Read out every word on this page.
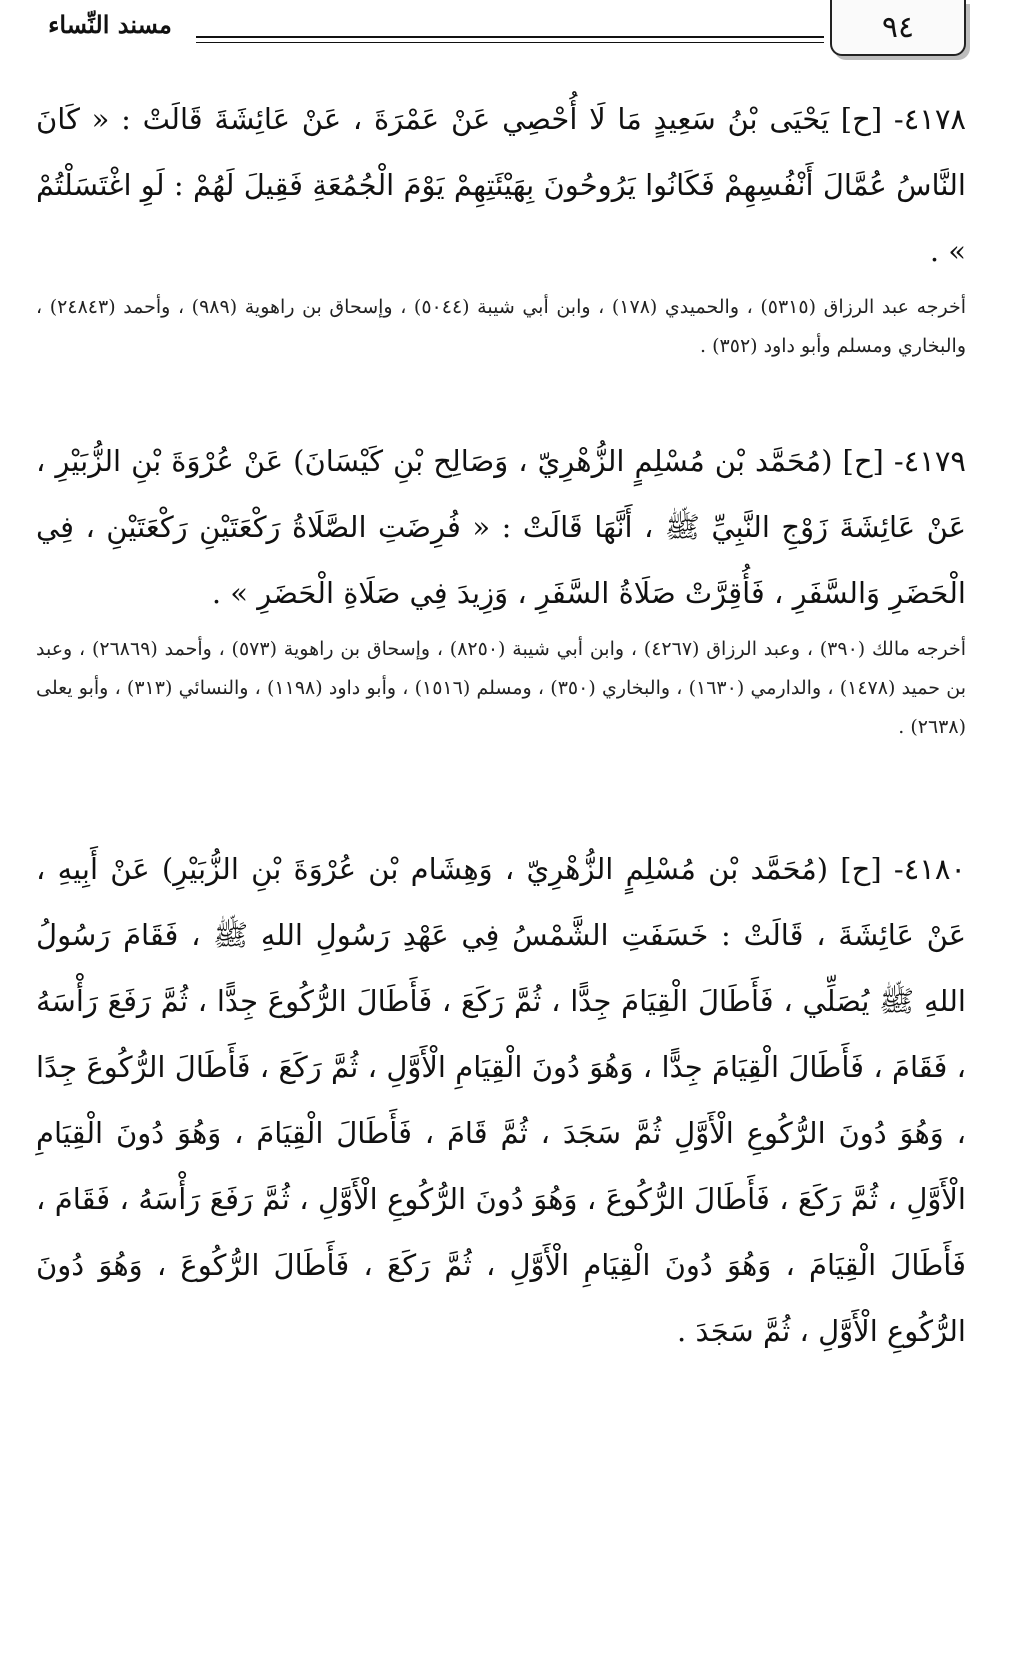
٩٤
مسند النِّساء

٤١٧٨- [ح] يَحْيَى بْنُ سَعِيدٍ مَا لَا أُحْصِي عَنْ عَمْرَةَ ، عَنْ عَائِشَةَ قَالَتْ : « كَانَ النَّاسُ عُمَّالَ أَنْفُسِهِمْ فَكَانُوا يَرُوحُونَ بِهَيْئَتِهِمْ يَوْمَ الْجُمُعَةِ فَقِيلَ لَهُمْ : لَوِ اغْتَسَلْتُمْ » .

أخرجه عبد الرزاق (٥٣١٥) ، والحميدي (١٧٨) ، وابن أبي شيبة (٥٠٤٤) ، وإسحاق بن راهوية (٩٨٩) ، وأحمد (٢٤٨٤٣) ، والبخاري ومسلم وأبو داود (٣٥٢) .

٤١٧٩- [ح] (مُحَمَّد بْن مُسْلِمٍ الزُّهْرِيّ ، وَصَالِح بْنِ كَيْسَانَ) عَنْ عُرْوَةَ بْنِ الزُّبَيْرِ ، عَنْ عَائِشَةَ زَوْجِ النَّبِيِّ ﷺ ، أَنَّهَا قَالَتْ : « فُرِضَتِ الصَّلَاةُ رَكْعَتَيْنِ رَكْعَتَيْنِ ، فِي الْحَضَرِ وَالسَّفَرِ ، فَأُقِرَّتْ صَلَاةُ السَّفَرِ ، وَزِيدَ فِي صَلَاةِ الْحَضَرِ » .

أخرجه مالك (٣٩٠) ، وعبد الرزاق (٤٢٦٧) ، وابن أبي شيبة (٨٢٥٠) ، وإسحاق بن راهوية (٥٧٣) ، وأحمد (٢٦٨٦٩) ، وعبد بن حميد (١٤٧٨) ، والدارمي (١٦٣٠) ، والبخاري (٣٥٠) ، ومسلم (١٥١٦) ، وأبو داود (١١٩٨) ، والنسائي (٣١٣) ، وأبو يعلى (٢٦٣٨) .

٤١٨٠- [ح] (مُحَمَّد بْن مُسْلِمٍ الزُّهْرِيّ ، وَهِشَام بْن عُرْوَةَ بْنِ الزُّبَيْرِ) عَنْ أَبِيهِ ، عَنْ عَائِشَةَ ، قَالَتْ : خَسَفَتِ الشَّمْسُ فِي عَهْدِ رَسُولِ اللهِ ﷺ ، فَقَامَ رَسُولُ اللهِ ﷺ يُصَلِّي ، فَأَطَالَ الْقِيَامَ جِدًّا ، ثُمَّ رَكَعَ ، فَأَطَالَ الرُّكُوعَ جِدًّا ، ثُمَّ رَفَعَ رَأْسَهُ ، فَقَامَ ، فَأَطَالَ الْقِيَامَ جِدًّا ، وَهُوَ دُونَ الْقِيَامِ الْأَوَّلِ ، ثُمَّ رَكَعَ ، فَأَطَالَ الرُّكُوعَ جِدًا ، وَهُوَ دُونَ الرُّكُوعِ الْأَوَّلِ ثُمَّ سَجَدَ ، ثُمَّ قَامَ ، فَأَطَالَ الْقِيَامَ ، وَهُوَ دُونَ الْقِيَامِ الْأَوَّلِ ، ثُمَّ رَكَعَ ، فَأَطَالَ الرُّكُوعَ ، وَهُوَ دُونَ الرُّكُوعِ الْأَوَّلِ ، ثُمَّ رَفَعَ رَأْسَهُ ، فَقَامَ ، فَأَطَالَ الْقِيَامَ ، وَهُوَ دُونَ الْقِيَامِ الْأَوَّلِ ، ثُمَّ رَكَعَ ، فَأَطَالَ الرُّكُوعَ ، وَهُوَ دُونَ الرُّكُوعِ الْأَوَّلِ ، ثُمَّ سَجَدَ .
